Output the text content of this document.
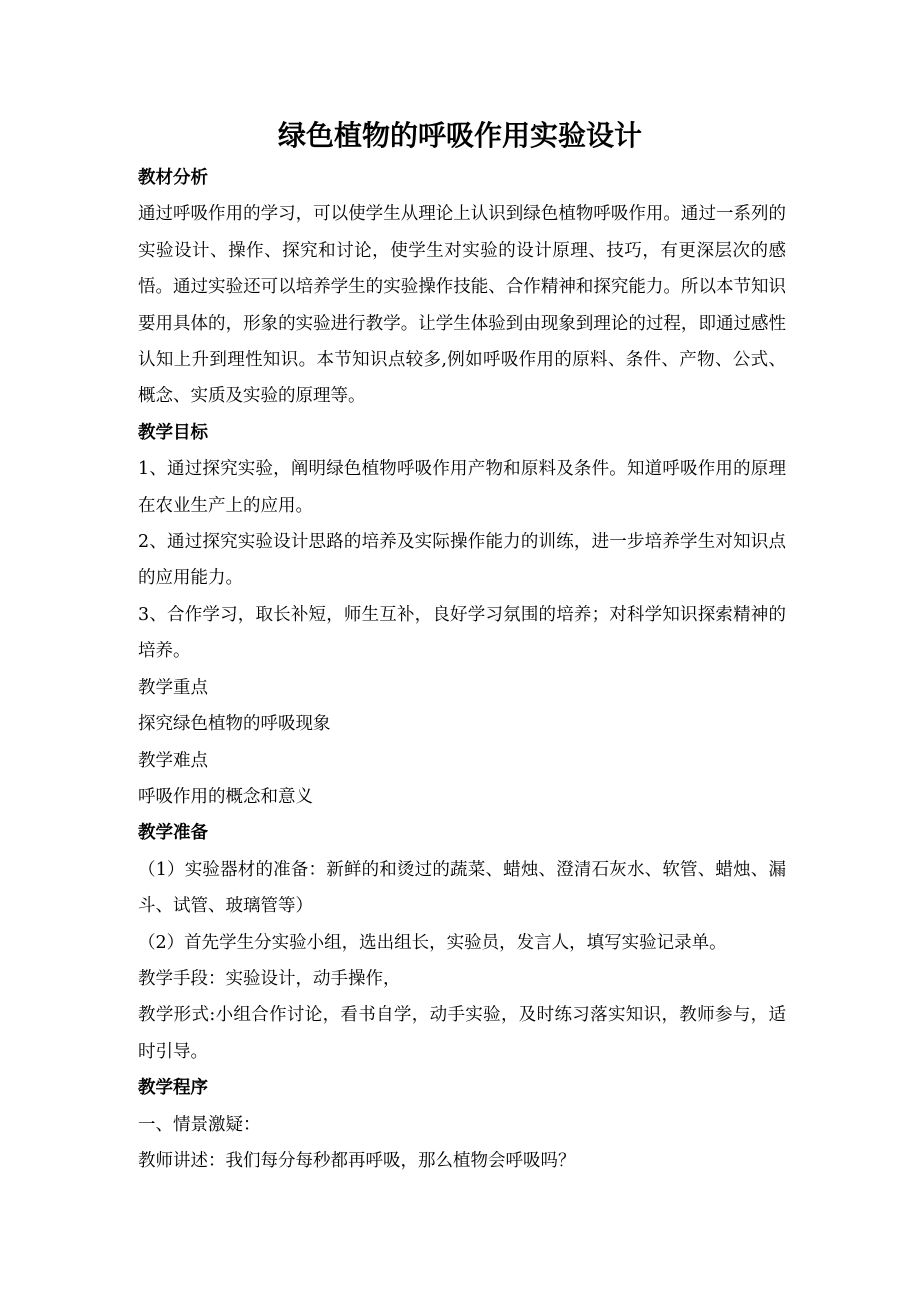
绿色植物的呼吸作用实验设计

教材分析

通过呼吸作用的学习，可以使学生从理论上认识到绿色植物呼吸作用。通过一系列的实验设计、操作、探究和讨论，使学生对实验的设计原理、技巧，有更深层次的感悟。通过实验还可以培养学生的实验操作技能、合作精神和探究能力。所以本节知识要用具体的，形象的实验进行教学。让学生体验到由现象到理论的过程，即通过感性认知上升到理性知识。本节知识点较多,例如呼吸作用的原料、条件、产物、公式、概念、实质及实验的原理等。

教学目标

1、通过探究实验，阐明绿色植物呼吸作用产物和原料及条件。知道呼吸作用的原理在农业生产上的应用。

2、通过探究实验设计思路的培养及实际操作能力的训练，进一步培养学生对知识点的应用能力。

3、合作学习，取长补短，师生互补，良好学习氛围的培养；对科学知识探索精神的培养。

教学重点

探究绿色植物的呼吸现象

教学难点

呼吸作用的概念和意义

教学准备

（1）实验器材的准备：新鲜的和烫过的蔬菜、蜡烛、澄清石灰水、软管、蜡烛、漏斗、试管、玻璃管等）

（2）首先学生分实验小组，选出组长，实验员，发言人，填写实验记录单。

教学手段：实验设计，动手操作，

教学形式:小组合作讨论，看书自学，动手实验，及时练习落实知识，教师参与，适时引导。

教学程序

一、情景激疑：

教师讲述：我们每分每秒都再呼吸，那么植物会呼吸吗？
